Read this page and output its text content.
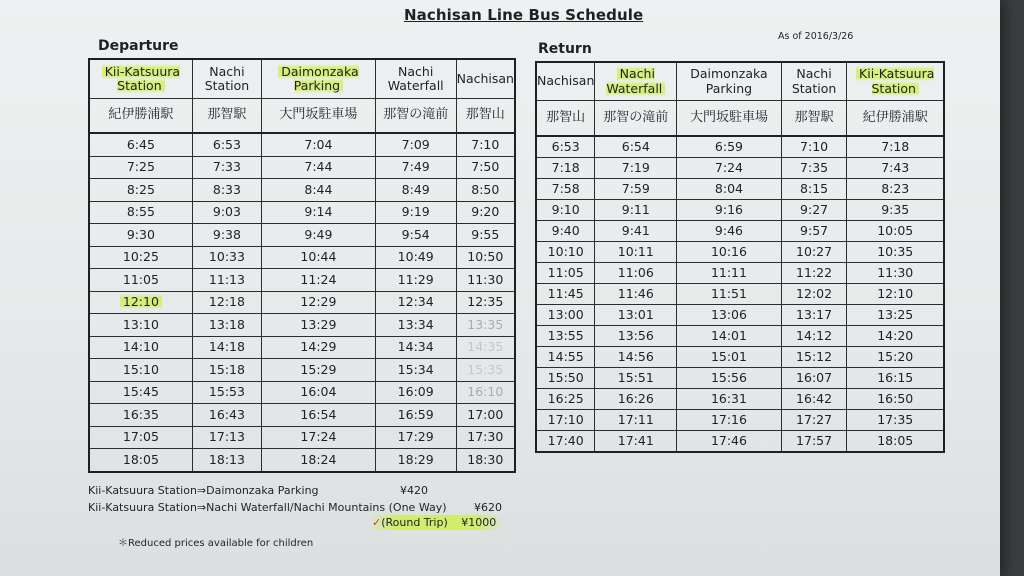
Nachisan Line Bus Schedule
As of 2016/3/26
Departure	Return
Kii-Katsuura Station	Nachi Station	Daimonzaka Parking	Nachi Waterfall	Nachisan
紀伊勝浦駅	那智駅	大門坂駐車場	那智の滝前	那智山
6:45	6:53	7:04	7:09	7:10
7:25	7:33	7:44	7:49	7:50
8:25	8:33	8:44	8:49	8:50
8:55	9:03	9:14	9:19	9:20
9:30	9:38	9:49	9:54	9:55
10:25	10:33	10:44	10:49	10:50
11:05	11:13	11:24	11:29	11:30
12:10	12:18	12:29	12:34	12:35
13:10	13:18	13:29	13:34	13:35
14:10	14:18	14:29	14:34	14:35
15:10	15:18	15:29	15:34	15:35
15:45	15:53	16:04	16:09	16:10
16:35	16:43	16:54	16:59	17:00
17:05	17:13	17:24	17:29	17:30
18:05	18:13	18:24	18:29	18:30
Nachisan	Nachi Waterfall	Daimonzaka Parking	Nachi Station	Kii-Katsuura Station
那智山	那智の滝前	大門坂駐車場	那智駅	紀伊勝浦駅
6:53	6:54	6:59	7:10	7:18
7:18	7:19	7:24	7:35	7:43
7:58	7:59	8:04	8:15	8:23
9:10	9:11	9:16	9:27	9:35
9:40	9:41	9:46	9:57	10:05
10:10	10:11	10:16	10:27	10:35
11:05	11:06	11:11	11:22	11:30
11:45	11:46	11:51	12:02	12:10
13:00	13:01	13:06	13:17	13:25
13:55	13:56	14:01	14:12	14:20
14:55	14:56	15:01	15:12	15:20
15:50	15:51	15:56	16:07	16:15
16:25	16:26	16:31	16:42	16:50
17:10	17:11	17:16	17:27	17:35
17:40	17:41	17:46	17:57	18:05
Kii-Katsuura Station⇒Daimonzaka Parking	¥420
Kii-Katsuura Station⇒Nachi Waterfall/Nachi Mountains (One Way) ¥620
✓(Round Trip) ¥1000
＊Reduced prices available for children
